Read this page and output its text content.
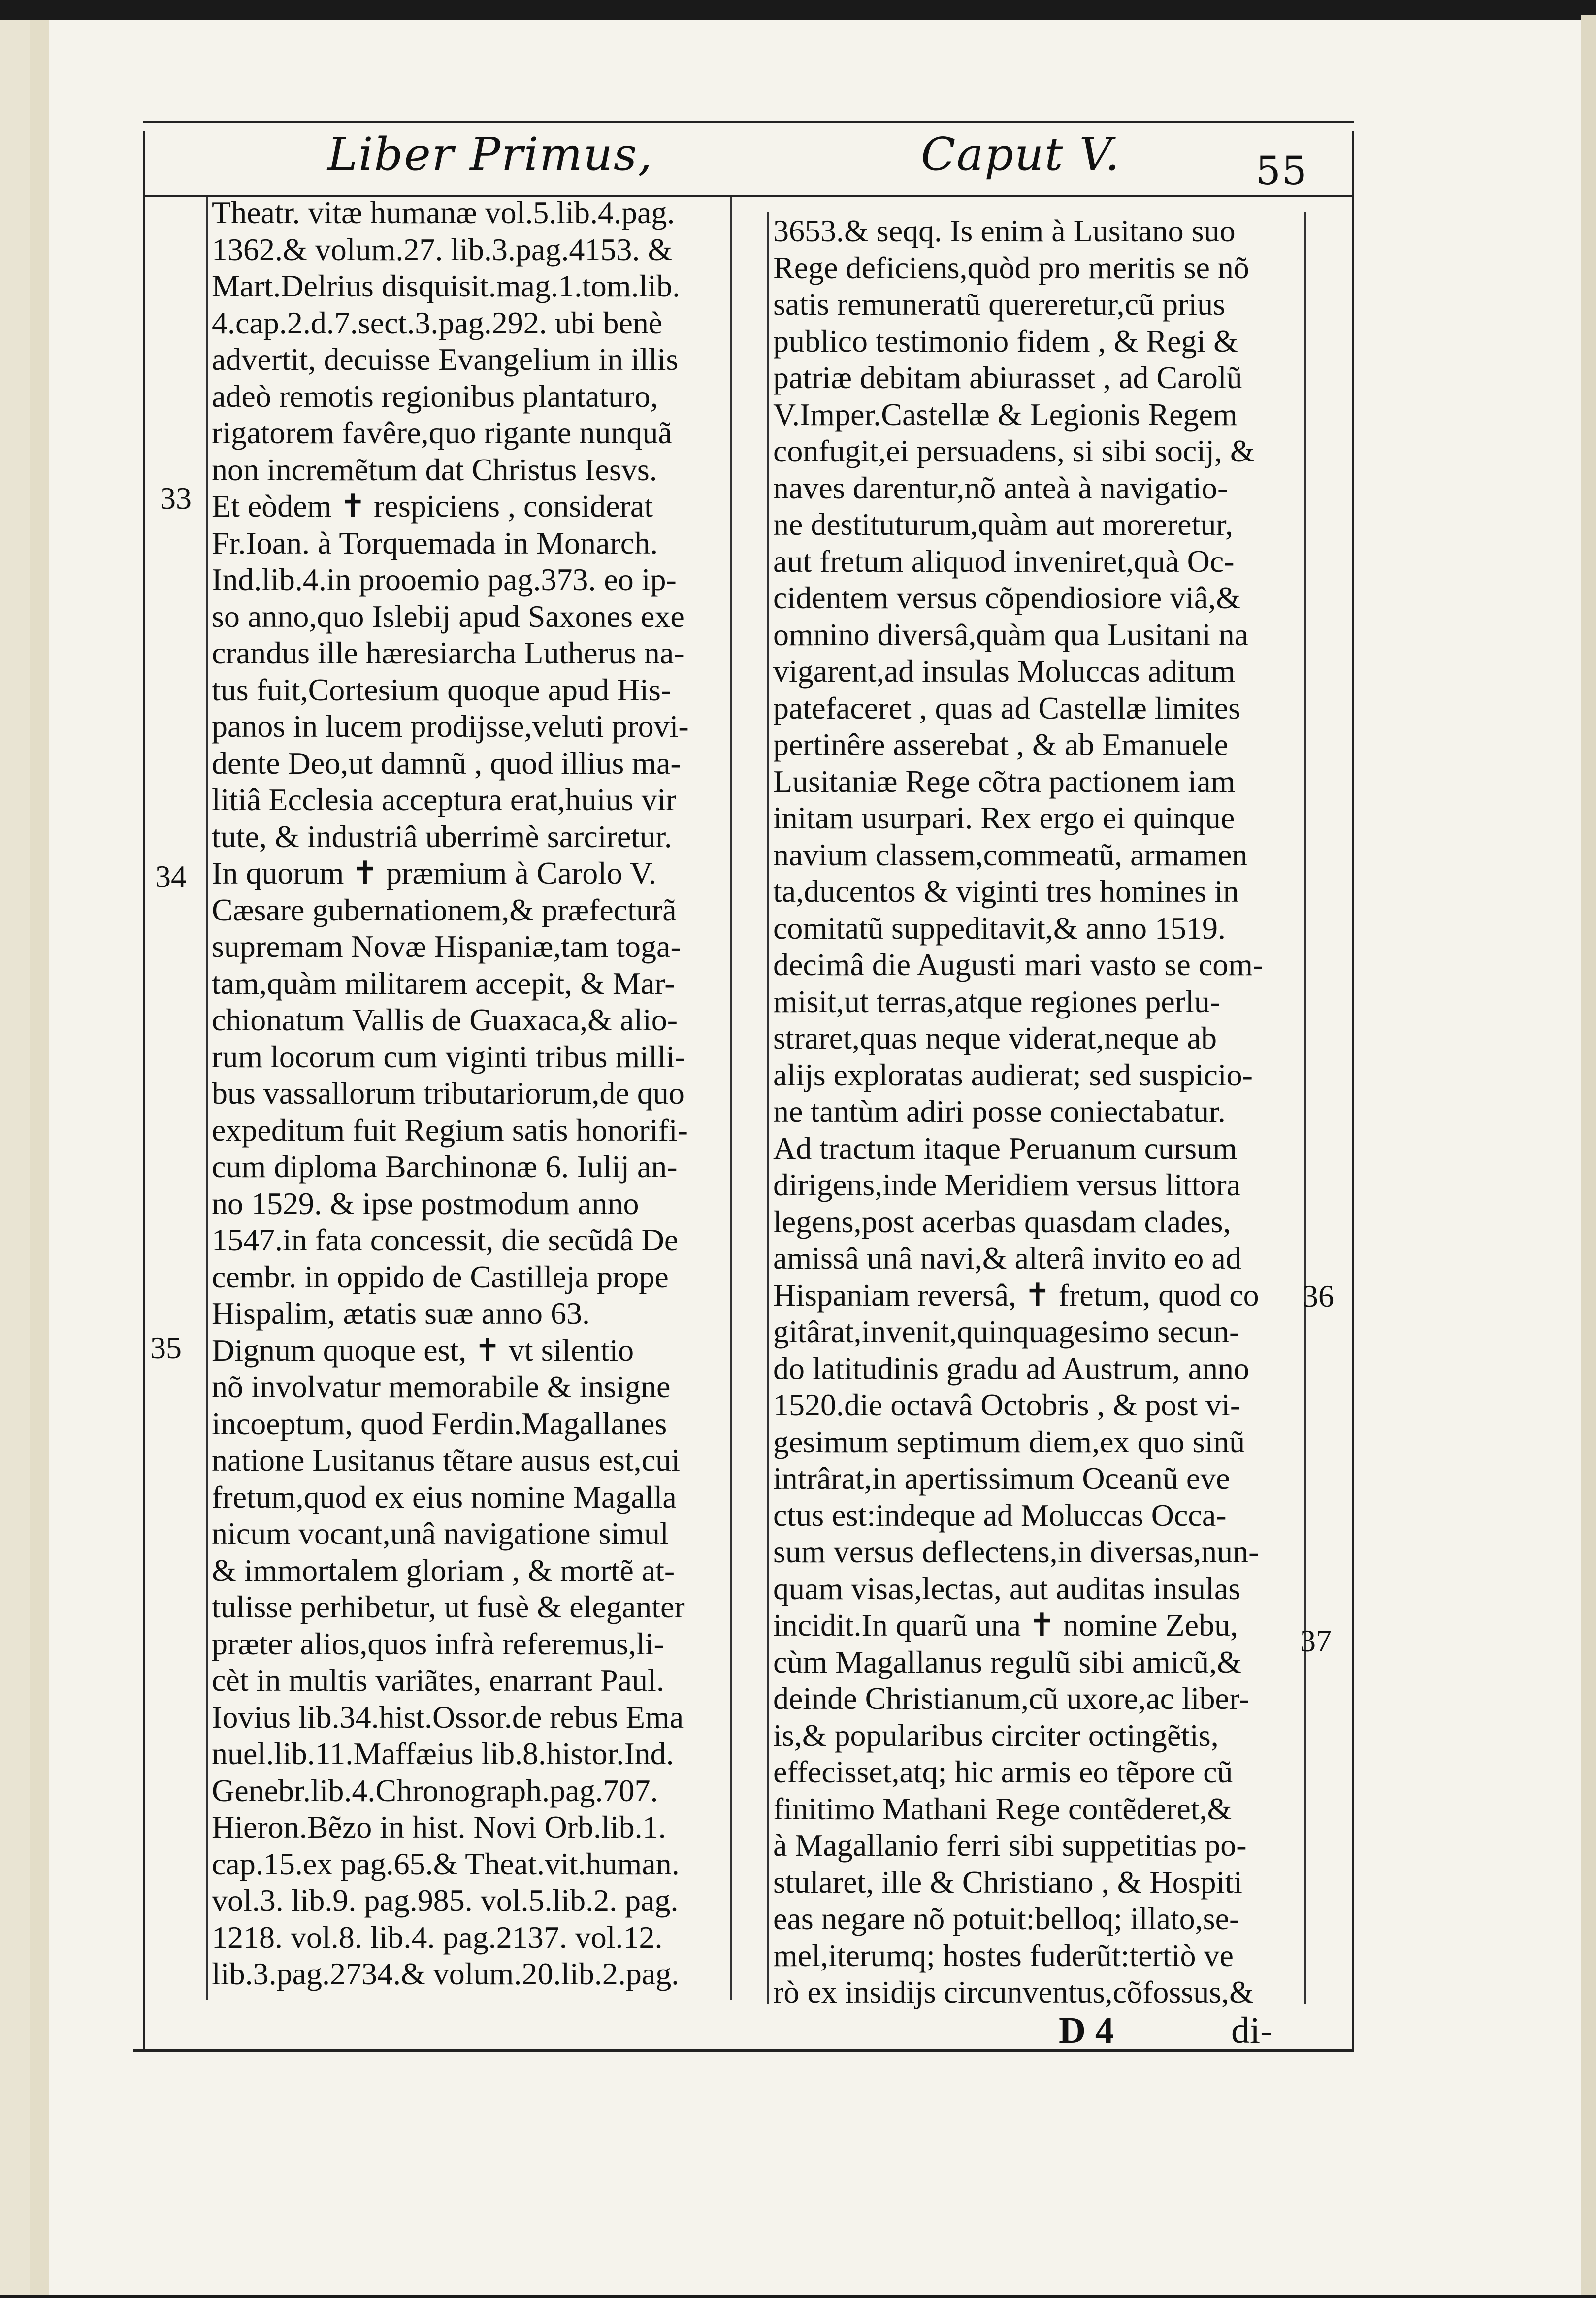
Liber Primus,	Caput V.	55
Theatr. vitæ humanæ vol.5.lib.4.pag.
1362.& volum.27. lib.3.pag.4153. &
Mart.Delrius disquisit.mag.1.tom.lib.
4.cap.2.d.7.sect.3.pag.292. ubi benè
advertit, decuisse Evangelium in illis
adeò remotis regionibus plantaturo,
rigatorem favêre,quo rigante nunquã
non incremẽtum dat Christus Iesvs.
Et eòdem ✝ respiciens , considerat
Fr.Ioan. à Torquemada in Monarch.
Ind.lib.4.in prooemio pag.373. eo ip-
so anno,quo Islebij apud Saxones exe
crandus ille hæresiarcha Lutherus na-
tus fuit,Cortesium quoque apud His-
panos in lucem prodijsse,veluti provi-
dente Deo,ut damnũ , quod illius ma-
litiâ Ecclesia acceptura erat,huius vir
tute, & industriâ uberrimè sarciretur.
In quorum ✝ præmium à Carolo V.
Cæsare gubernationem,& præfecturã
supremam Novæ Hispaniæ,tam toga-
tam,quàm militarem accepit, & Mar-
chionatum Vallis de Guaxaca,& alio-
rum locorum cum viginti tribus milli-
bus vassallorum tributariorum,de quo
expeditum fuit Regium satis honorifi-
cum diploma Barchinonæ 6. Iulij an-
no 1529. & ipse postmodum anno
1547.in fata concessit, die secũdâ De
cembr. in oppido de Castilleja prope
Hispalim, ætatis suæ anno 63.
Dignum quoque est, ✝ vt silentio
nõ involvatur memorabile & insigne
incoeptum, quod Ferdin.Magallanes
natione Lusitanus tẽtare ausus est,cui
fretum,quod ex eius nomine Magalla
nicum vocant,unâ navigatione simul
& immortalem gloriam , & mortẽ at-
tulisse perhibetur, ut fusè & eleganter
præter alios,quos infrà referemus,li-
cèt in multis variãtes, enarrant Paul.
Iovius lib.34.hist.Ossor.de rebus Ema
nuel.lib.11.Maffæius lib.8.histor.Ind.
Genebr.lib.4.Chronograph.pag.707.
Hieron.Bẽzo in hist. Novi Orb.lib.1.
cap.15.ex pag.65.& Theat.vit.human.
vol.3. lib.9. pag.985. vol.5.lib.2. pag.
1218. vol.8. lib.4. pag.2137. vol.12.
lib.3.pag.2734.& volum.20.lib.2.pag.
3653.& seqq. Is enim à Lusitano suo
Rege deficiens,quòd pro meritis se nõ
satis remuneratũ quereretur,cũ prius
publico testimonio fidem , & Regi &
patriæ debitam abiurasset , ad Carolũ
V.Imper.Castellæ & Legionis Regem
confugit,ei persuadens, si sibi socij, &
naves darentur,nõ anteà à navigatio-
ne destituturum,quàm aut moreretur,
aut fretum aliquod inveniret,quà Oc-
cidentem versus cõpendiosiore viâ,&
omnino diversâ,quàm qua Lusitani na
vigarent,ad insulas Moluccas aditum
patefaceret , quas ad Castellæ limites
pertinêre asserebat , & ab Emanuele
Lusitaniæ Rege cõtra pactionem iam
initam usurpari. Rex ergo ei quinque
navium classem,commeatũ, armamen
ta,ducentos & viginti tres homines in
comitatũ suppeditavit,& anno 1519.
decimâ die Augusti mari vasto se com-
misit,ut terras,atque regiones perlu-
straret,quas neque viderat,neque ab
alijs exploratas audierat; sed suspicio-
ne tantùm adiri posse coniectabatur.
Ad tractum itaque Peruanum cursum
dirigens,inde Meridiem versus littora
legens,post acerbas quasdam clades,
amissâ unâ navi,& alterâ invito eo ad
Hispaniam reversâ, ✝ fretum, quod co
gitârat,invenit,quinquagesimo secun-
do latitudinis gradu ad Austrum, anno
1520.die octavâ Octobris , & post vi-
gesimum septimum diem,ex quo sinũ
intrârat,in apertissimum Oceanũ eve
ctus est:indeque ad Moluccas Occa-
sum versus deflectens,in diversas,nun-
quam visas,lectas, aut auditas insulas
incidit.In quarũ una ✝ nomine Zebu,
cùm Magallanus regulũ sibi amicũ,&
deinde Christianum,cũ uxore,ac liber-
is,& popularibus circiter octingẽtis,
effecisset,atq; hic armis eo tẽpore cũ
finitimo Mathani Rege contẽderet,&
à Magallanio ferri sibi suppetitias po-
stularet, ille & Christiano , & Hospiti
eas negare nõ potuit:belloq; illato,se-
mel,iterumq; hostes fuderũt:tertiò ve
rò ex insidijs circunventus,cõfossus,&
33
34
35
36
37
D 4	di-
